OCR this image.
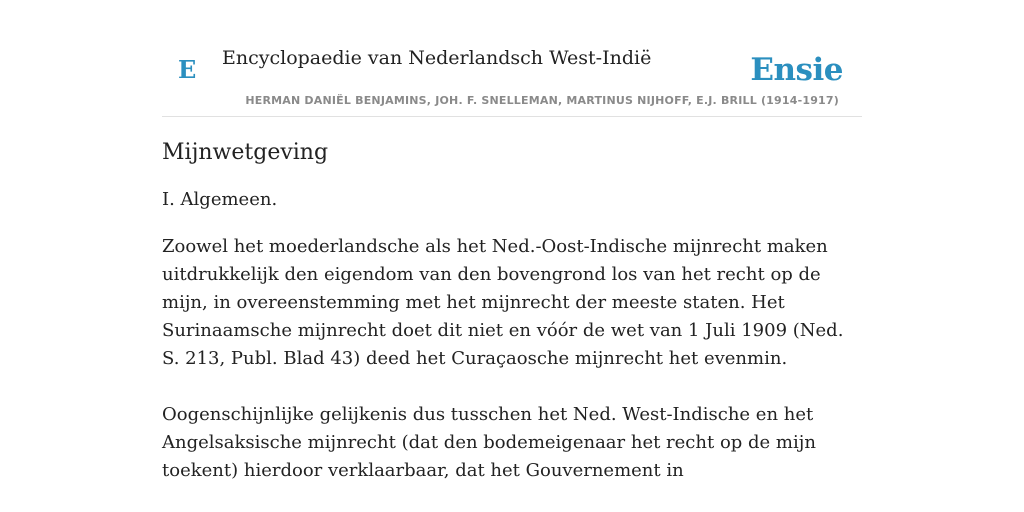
E Encyclopaedie van Nederlandsch West-Indië	Ensie
HERMAN DANIËL BENJAMINS, JOH. F. SNELLEMAN, MARTINUS NIJHOFF, E.J. BRILL (1914-1917)
Mijnwetgeving

I. Algemeen.

Zoowel het moederlandsche als het Ned.-Oost-Indische mijnrecht maken uitdrukkelijk den eigendom van den bovengrond los van het recht op de mijn, in overeenstemming met het mijnrecht der meeste staten. Het Surinaamsche mijnrecht doet dit niet en vóór de wet van 1 Juli 1909 (Ned. S. 213, Publ. Blad 43) deed het Curaçaosche mijnrecht het evenmin.

Oogenschijnlijke gelijkenis dus tusschen het Ned. West-Indische en het Angelsaksische mijnrecht (dat den bodemeigenaar het recht op de mijn toekent) hierdoor verklaarbaar, dat het Gouvernement in
